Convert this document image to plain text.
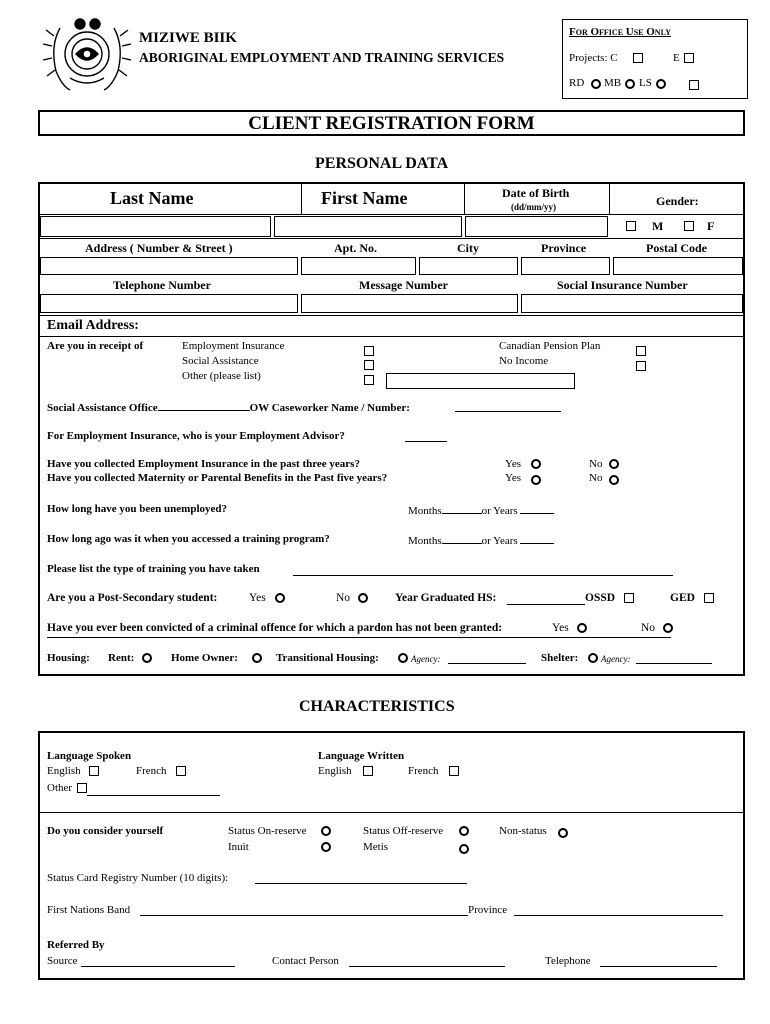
MIZIWE BIIK
ABORIGINAL EMPLOYMENT AND TRAINING SERVICES
For Office Use Only
Projects: C	E
RD MB LS
CLIENT REGISTRATION FORM
PERSONAL DATA
Last Name	First Name	Date of Birth
(dd/mm/yy)	Gender:
M	F
Address ( Number & Street )	Apt. No.	City	Province	Postal Code
Telephone Number	Message Number	Social Insurance Number
Email Address:
Are you in receipt of	Employment Insurance
Social Assistance
Other (please list)
Canadian Pension Plan
No Income
Social Assistance Office	OW Caseworker Name / Number:
For Employment Insurance, who is your Employment Advisor?
Have you collected Employment Insurance in the past three years?
Have you collected Maternity or Parental Benefits in the Past five years?
Yes	No
Yes	No
How long have you been unemployed?	Months	or Years
How long ago was it when you accessed a training program?	Months	or Years
Please list the type of training you have taken
Are you a Post-Secondary student:	Yes	No	Year Graduated HS:	OSSD	GED
Have you ever been convicted of a criminal offence for which a pardon has not been granted:	Yes	No
Housing: Rent:	Home Owner:	Transitional Housing:	Agency:	Shelter:	Agency:
CHARACTERISTICS
Language Spoken
English	French
Other
Language Written
English	French
Do you consider yourself	Status On-reserve
Inuit
Status Off-reserve
Metis
Non-status
Status Card Registry Number (10 digits):
First Nations Band	Province
Referred By
Source	Contact Person	Telephone
